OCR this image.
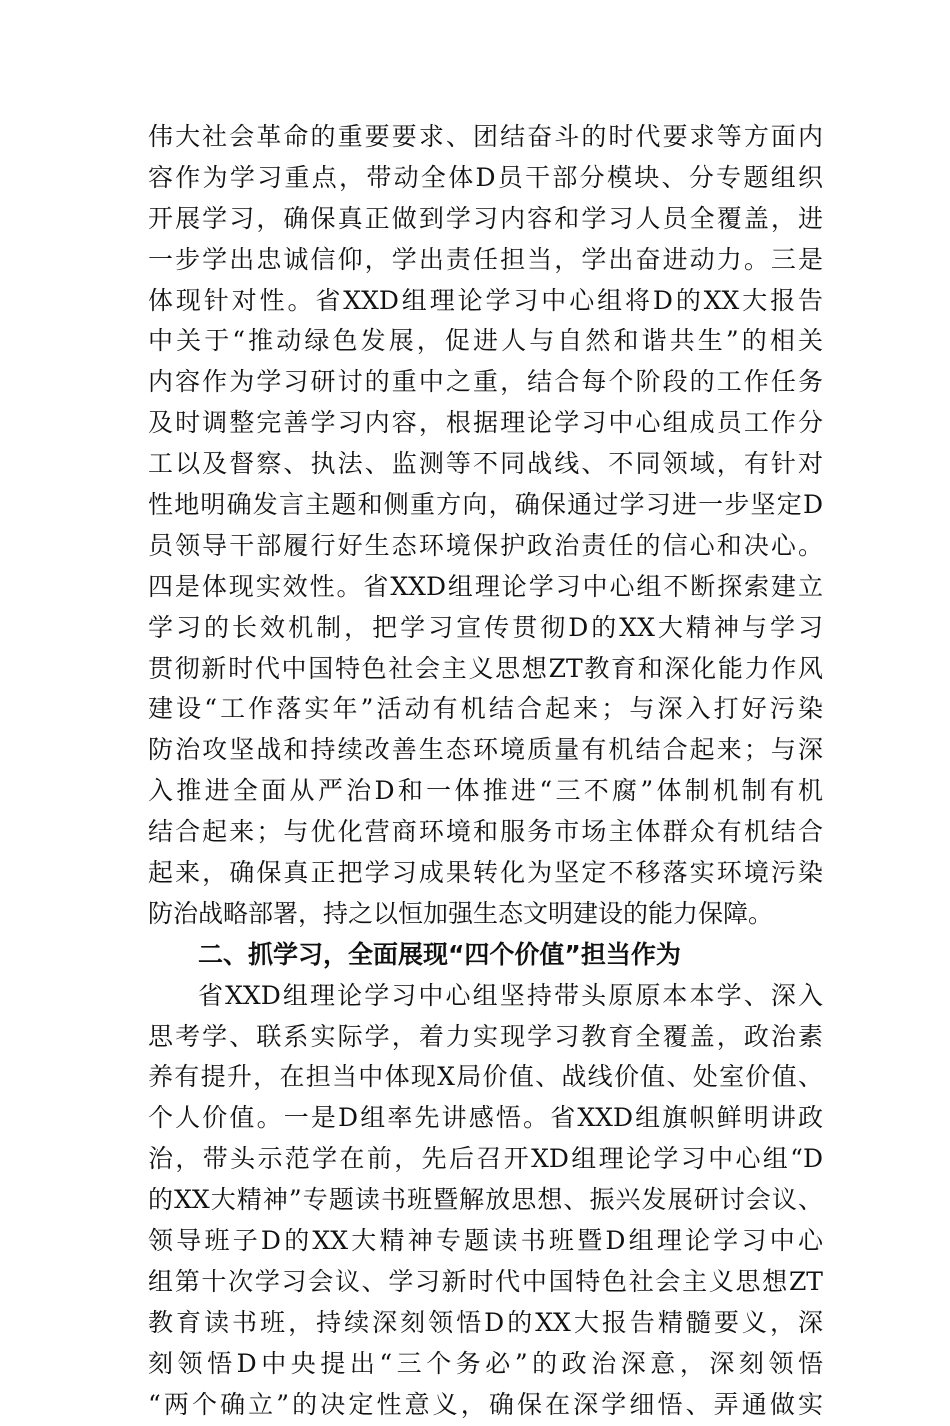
伟大社会革命的重要要求、团结奋斗的时代要求等方面内
容作为学习重点，带动全体D员干部分模块、分专题组织
开展学习，确保真正做到学习内容和学习人员全覆盖，进
一步学出忠诚信仰，学出责任担当，学出奋进动力。三是
体现针对性。省XXD组理论学习中心组将D的XX大报告
中关于“推动绿色发展，促进人与自然和谐共生”的相关
内容作为学习研讨的重中之重，结合每个阶段的工作任务
及时调整完善学习内容，根据理论学习中心组成员工作分
工以及督察、执法、监测等不同战线、不同领域，有针对
性地明确发言主题和侧重方向，确保通过学习进一步坚定D
员领导干部履行好生态环境保护政治责任的信心和决心。
四是体现实效性。省XXD组理论学习中心组不断探索建立
学习的长效机制，把学习宣传贯彻D的XX大精神与学习
贯彻新时代中国特色社会主义思想ZT教育和深化能力作风
建设“工作落实年”活动有机结合起来；与深入打好污染
防治攻坚战和持续改善生态环境质量有机结合起来；与深
入推进全面从严治D和一体推进“三不腐”体制机制有机
结合起来；与优化营商环境和服务市场主体群众有机结合
起来，确保真正把学习成果转化为坚定不移落实环境污染
防治战略部署，持之以恒加强生态文明建设的能力保障。
二、抓学习，全面展现“四个价值”担当作为
省XXD组理论学习中心组坚持带头原原本本学、深入
思考学、联系实际学，着力实现学习教育全覆盖，政治素
养有提升，在担当中体现X局价值、战线价值、处室价值、
个人价值。一是D组率先讲感悟。省XXD组旗帜鲜明讲政
治，带头示范学在前，先后召开XD组理论学习中心组“D
的XX大精神”专题读书班暨解放思想、振兴发展研讨会议、
领导班子D的XX大精神专题读书班暨D组理论学习中心
组第十次学习会议、学习新时代中国特色社会主义思想ZT
教育读书班，持续深刻领悟D的XX大报告精髓要义，深
刻领悟D中央提出“三个务必”的政治深意，深刻领悟
“两个确立”的决定性意义，确保在深学细悟、弄通做实
